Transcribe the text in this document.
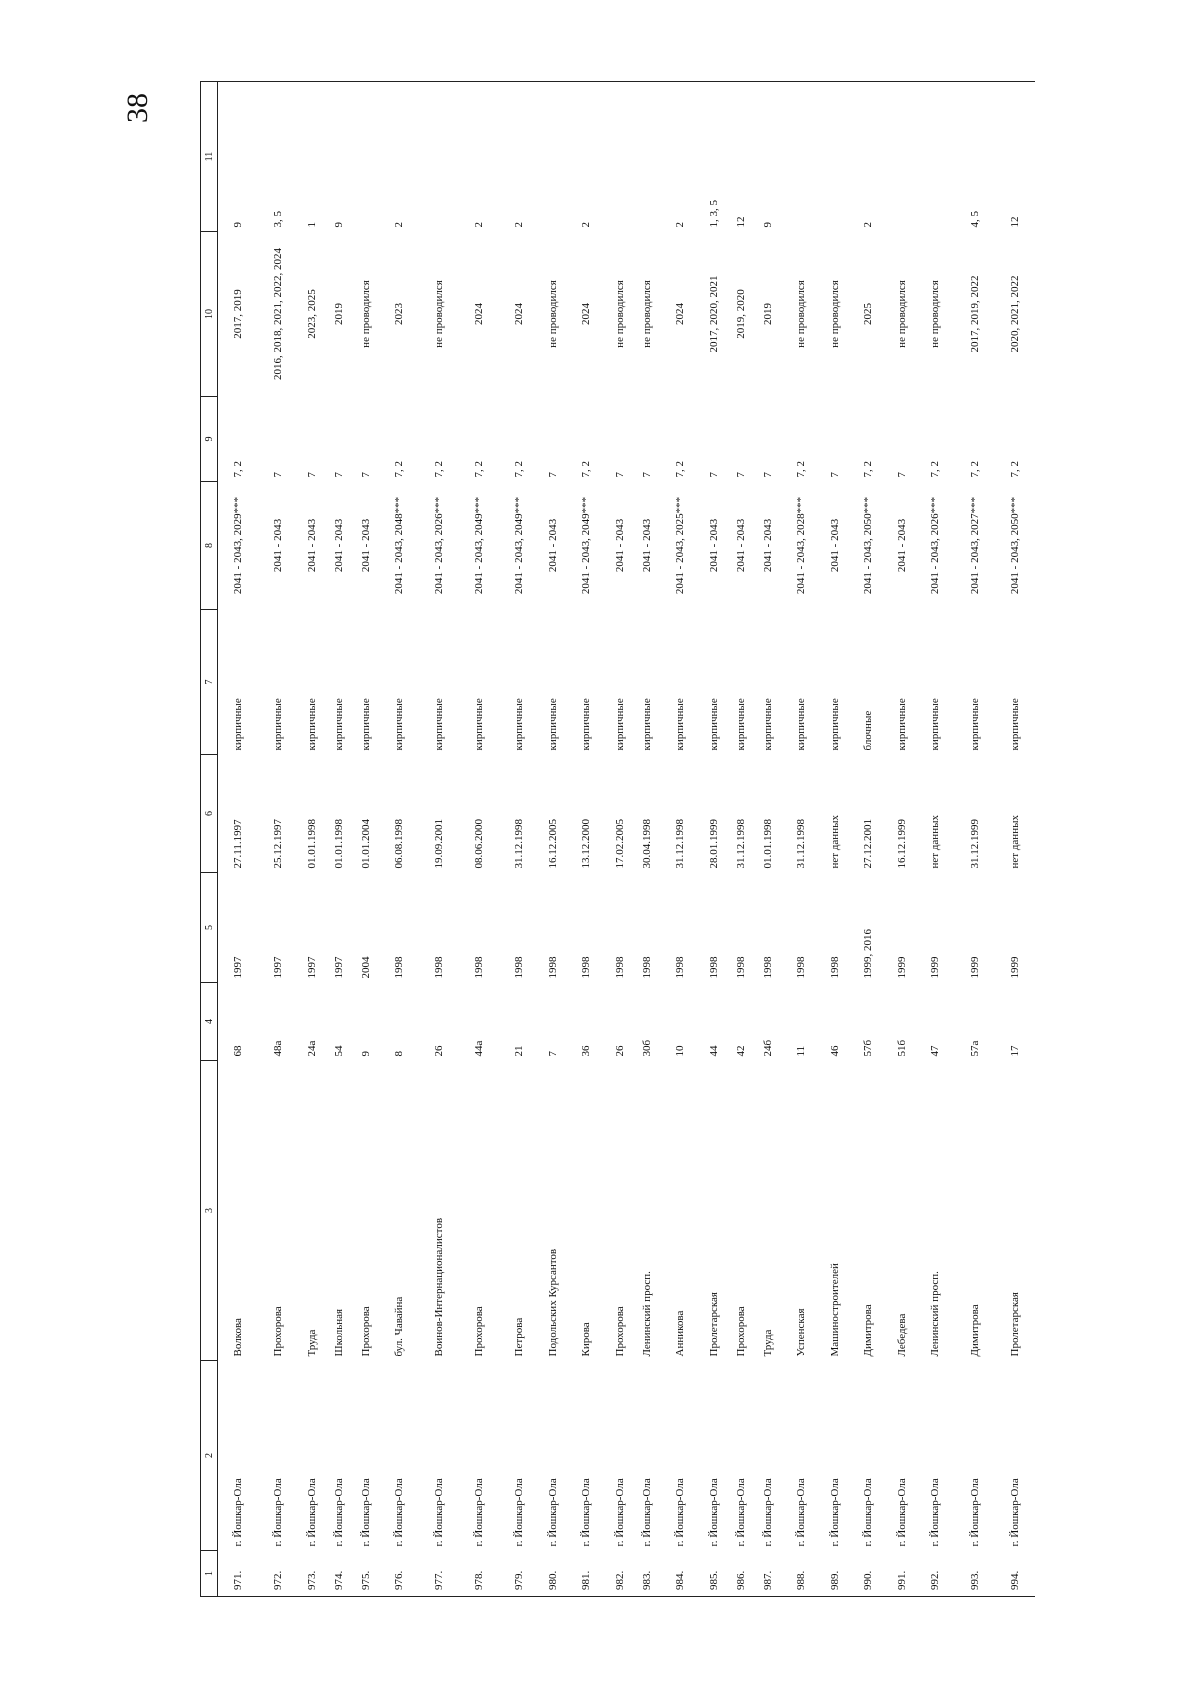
38
1	2	3	4	5	6	7	8	9	10	11
971.	г. Йошкар-Ола	Волкова	68	1997	27.11.1997	кирпичные	2041 - 2043, 2029***	7, 2	2017, 2019	9
972.	г. Йошкар-Ола	Прохорова	48а	1997	25.12.1997	кирпичные	2041 - 2043	7	2016, 2018, 2021, 2022, 2024	3, 5
973.	г. Йошкар-Ола	Труда	24а	1997	01.01.1998	кирпичные	2041 - 2043	7	2023, 2025	1
974.	г. Йошкар-Ола	Школьная	54	1997	01.01.1998	кирпичные	2041 - 2043	7	2019	9
975.	г. Йошкар-Ола	Прохорова	9	2004	01.01.2004	кирпичные	2041 - 2043	7	не проводился	
976.	г. Йошкар-Ола	бул. Чавайна	8	1998	06.08.1998	кирпичные	2041 - 2043, 2048***	7, 2	2023	2
977.	г. Йошкар-Ола	Воинов-Интернационалистов	26	1998	19.09.2001	кирпичные	2041 - 2043, 2026***	7, 2	не проводился	
978.	г. Йошкар-Ола	Прохорова	44а	1998	08.06.2000	кирпичные	2041 - 2043, 2049***	7, 2	2024	2
979.	г. Йошкар-Ола	Петрова	21	1998	31.12.1998	кирпичные	2041 - 2043, 2049***	7, 2	2024	2
980.	г. Йошкар-Ола	Подольских Курсантов	7	1998	16.12.2005	кирпичные	2041 - 2043	7	не проводился	
981.	г. Йошкар-Ола	Кирова	36	1998	13.12.2000	кирпичные	2041 - 2043, 2049***	7, 2	2024	2
982.	г. Йошкар-Ола	Прохорова	26	1998	17.02.2005	кирпичные	2041 - 2043	7	не проводился	
983.	г. Йошкар-Ола	Ленинский просп.	30б	1998	30.04.1998	кирпичные	2041 - 2043	7	не проводился	
984.	г. Йошкар-Ола	Анникова	10	1998	31.12.1998	кирпичные	2041 - 2043, 2025***	7, 2	2024	2
985.	г. Йошкар-Ола	Пролетарская	44	1998	28.01.1999	кирпичные	2041 - 2043	7	2017, 2020, 2021	1, 3, 5
986.	г. Йошкар-Ола	Прохорова	42	1998	31.12.1998	кирпичные	2041 - 2043	7	2019, 2020	12
987.	г. Йошкар-Ола	Труда	24б	1998	01.01.1998	кирпичные	2041 - 2043	7	2019	9
988.	г. Йошкар-Ола	Успенская	11	1998	31.12.1998	кирпичные	2041 - 2043, 2028***	7, 2	не проводился	
989.	г. Йошкар-Ола	Машиностроителей	46	1998	нет данных	кирпичные	2041 - 2043	7	не проводился	
990.	г. Йошкар-Ола	Димитрова	57б	1999, 2016	27.12.2001	блочные	2041 - 2043, 2050***	7, 2	2025	2
991.	г. Йошкар-Ола	Лебедева	51б	1999	16.12.1999	кирпичные	2041 - 2043	7	не проводился	
992.	г. Йошкар-Ола	Ленинский просп.	47	1999	нет данных	кирпичные	2041 - 2043, 2026***	7, 2	не проводился	
993.	г. Йошкар-Ола	Димитрова	57а	1999	31.12.1999	кирпичные	2041 - 2043, 2027***	7, 2	2017, 2019, 2022	4, 5
994.	г. Йошкар-Ола	Пролетарская	17	1999	нет данных	кирпичные	2041 - 2043, 2050***	7, 2	2020, 2021, 2022	12
